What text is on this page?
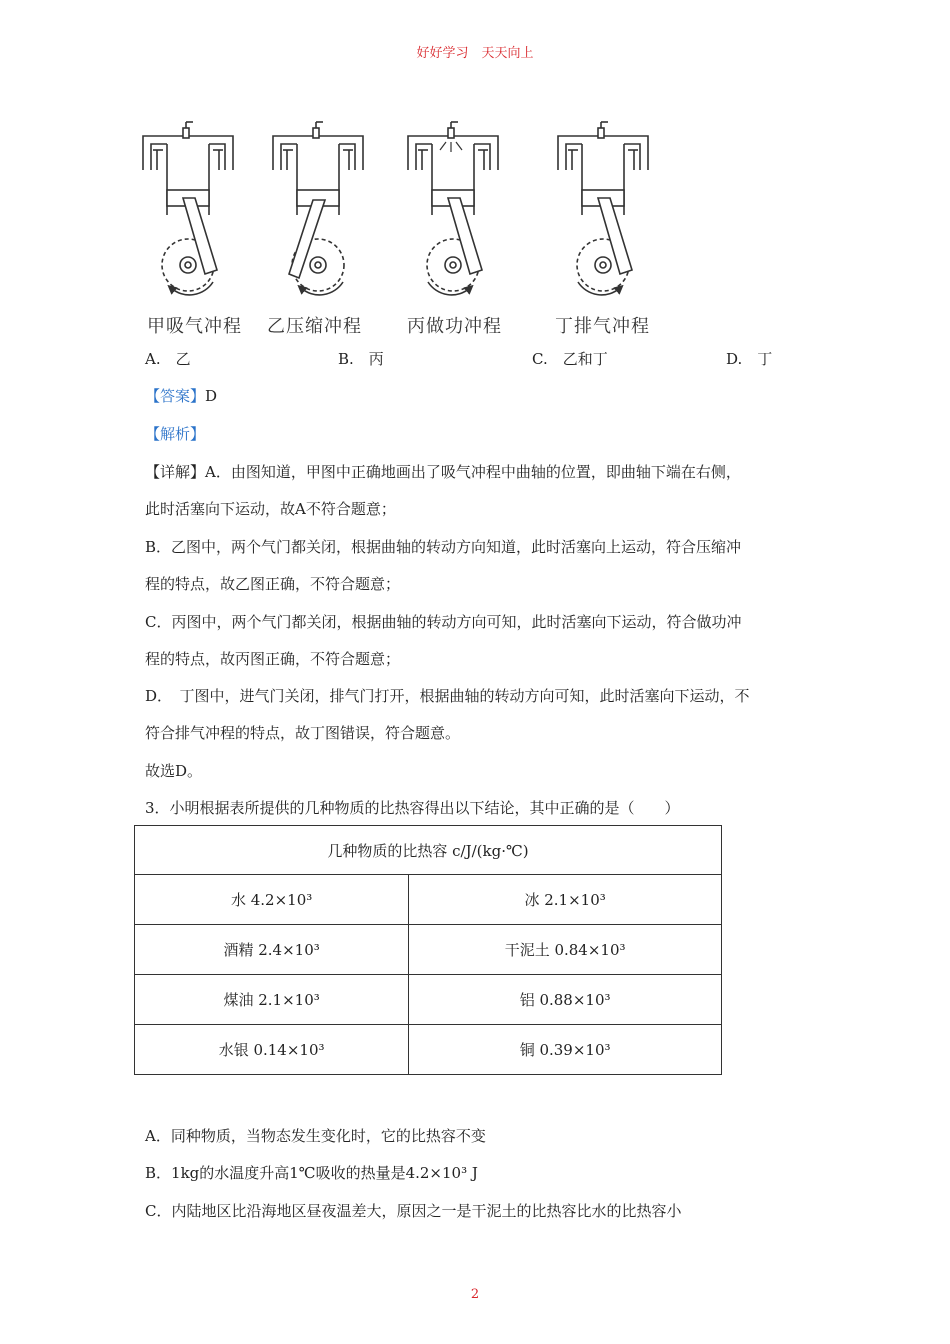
好好学习　天天向上
甲吸气冲程 乙压缩冲程	丙做功冲程	丁排气冲程
A.　乙	B.　丙	C.　乙和丁	D.　丁
【答案】D
【解析】
【详解】A．由图知道，甲图中正确地画出了吸气冲程中曲轴的位置，即曲轴下端在右侧，
此时活塞向下运动，故A不符合题意；
B．乙图中，两个气门都关闭，根据曲轴的转动方向知道，此时活塞向上运动，符合压缩冲
程的特点，故乙图正确，不符合题意；
C．丙图中，两个气门都关闭，根据曲轴的转动方向可知，此时活塞向下运动，符合做功冲
程的特点，故丙图正确，不符合题意；
D．　丁图中，进气门关闭，排气门打开，根据曲轴的转动方向可知，此时活塞向下运动，不
符合排气冲程的特点，故丁图错误，符合题意。
故选D。
3．小明根据表所提供的几种物质的比热容得出以下结论，其中正确的是（　　）
几种物质的比热容 c/J/(kg·℃)	
水 4.2×10³	冰 2.1×10³
酒精 2.4×10³	干泥土 0.84×10³
煤油 2.1×10³	铝 0.88×10³
水银 0.14×10³	铜 0.39×10³
A．同种物质，当物态发生变化时，它的比热容不变
B．1kg的水温度升高1℃吸收的热量是4.2×10³ J
C．内陆地区比沿海地区昼夜温差大，原因之一是干泥土的比热容比水的比热容小
2
